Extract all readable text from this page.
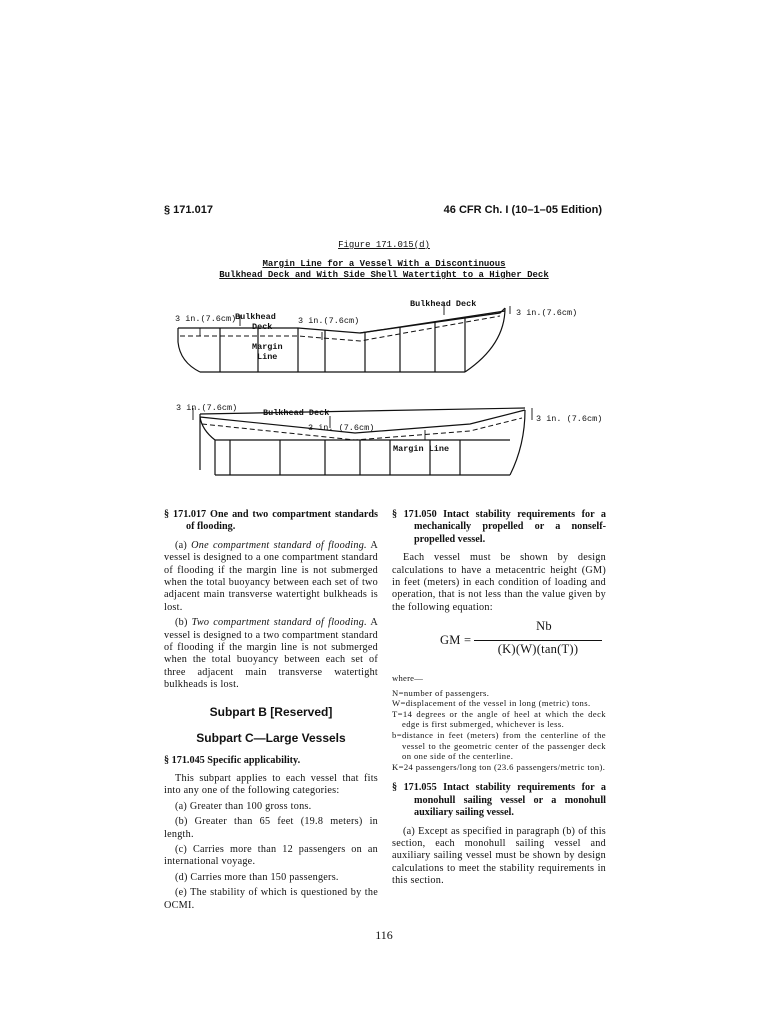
§ 171.017	46 CFR Ch. I (10–1–05 Edition)
Figure 171.015(d)
Margin Line for a Vessel With a Discontinuous
Bulkhead Deck and With Side Shell Watertight to a Higher Deck
3 in.(7.6cm)
Bulkhead
Deck
3 in.(7.6cm)
Bulkhead Deck
3 in.(7.6cm)
Margin
Line
3 in.(7.6cm)	Bulkhead Deck
3 in. (7.6cm)
3 in. (7.6cm)
Margin Line

§ 171.017 One and two compartment standards of flooding.

(a) One compartment standard of flooding. A vessel is designed to a one compartment standard of flooding if the margin line is not submerged when the total buoyancy between each set of two adjacent main transverse watertight bulkheads is lost.

(b) Two compartment standard of flooding. A vessel is designed to a two compartment standard of flooding if the margin line is not submerged when the total buoyancy between each set of three adjacent main transverse watertight bulkheads is lost.

Subpart B [Reserved]

Subpart C—Large Vessels

§ 171.045 Specific applicability.

This subpart applies to each vessel that fits into any one of the following categories:

(a) Greater than 100 gross tons.

(b) Greater than 65 feet (19.8 meters) in length.

(c) Carries more than 12 passengers on an international voyage.

(d) Carries more than 150 passengers.

(e) The stability of which is questioned by the OCMI.

§ 171.050 Intact stability requirements for a mechanically propelled or a nonself-propelled vessel.

Each vessel must be shown by design calculations to have a metacentric height (GM) in feet (meters) in each condition of loading and operation, that is not less than the value given by the following equation:

GM =
Nb
(K)(W)(tan(T))

where—

N=number of passengers.

W=displacement of the vessel in long (metric) tons.

T=14 degrees or the angle of heel at which the deck edge is first submerged, whichever is less.

b=distance in feet (meters) from the centerline of the vessel to the geometric center of the passenger deck on one side of the centerline.

K=24 passengers/long ton (23.6 passengers/metric ton).

§ 171.055 Intact stability requirements for a monohull sailing vessel or a monohull auxiliary sailing vessel.

(a) Except as specified in paragraph (b) of this section, each monohull sailing vessel and auxiliary sailing vessel must be shown by design calculations to meet the stability requirements in this section.

116
